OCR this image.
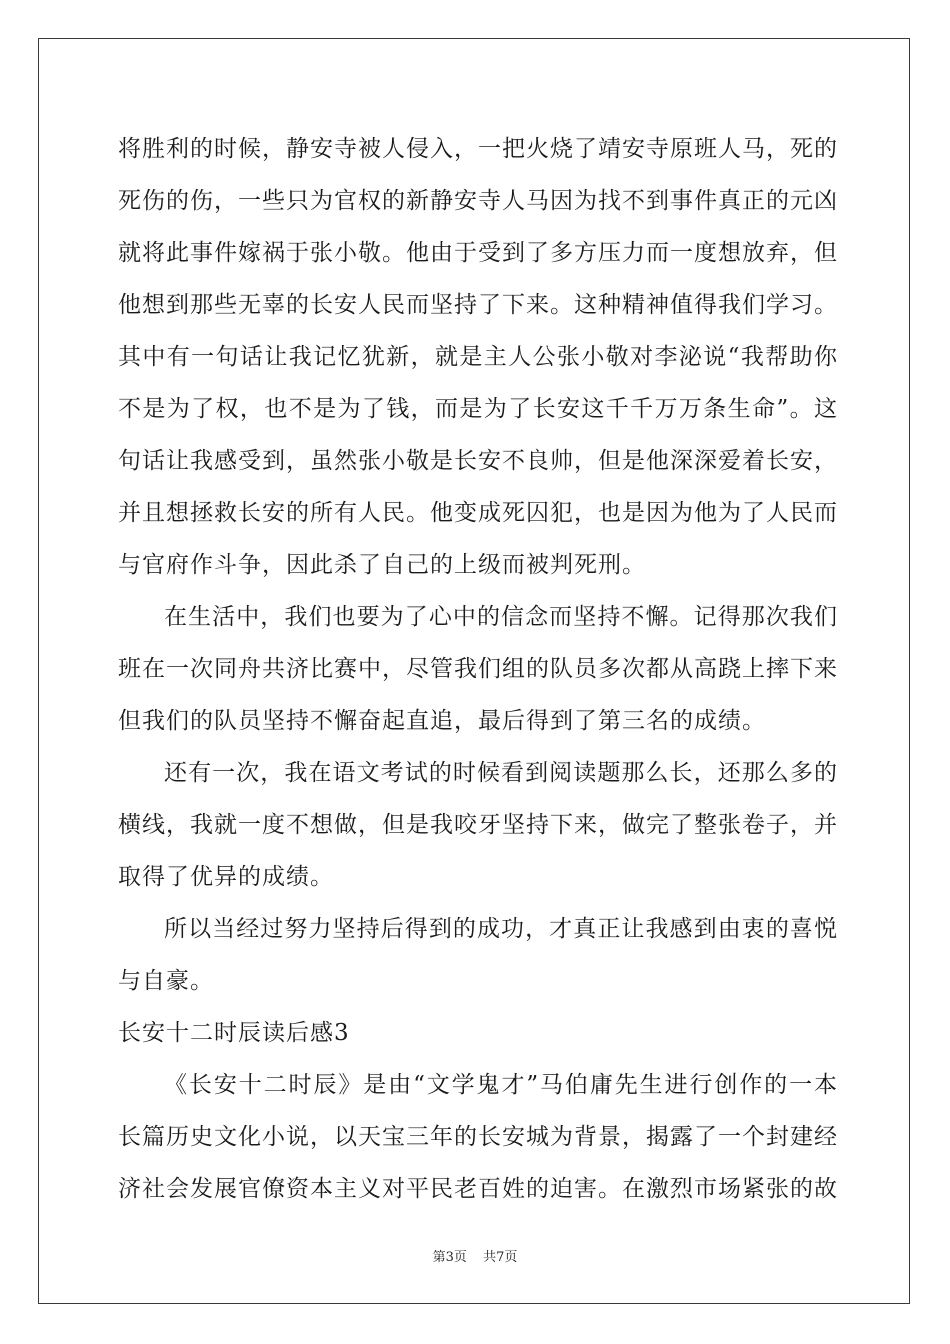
将胜利的时候，静安寺被人侵入，一把火烧了靖安寺原班人马，死的
死伤的伤，一些只为官权的新静安寺人马因为找不到事件真正的元凶
就将此事件嫁祸于张小敬。他由于受到了多方压力而一度想放弃，但
他想到那些无辜的长安人民而坚持了下来。这种精神值得我们学习。
其中有一句话让我记忆犹新，就是主人公张小敬对李泌说“我帮助你
不是为了权，也不是为了钱，而是为了长安这千千万万条生命”。这
句话让我感受到，虽然张小敬是长安不良帅，但是他深深爱着长安，
并且想拯救长安的所有人民。他变成死囚犯，也是因为他为了人民而
与官府作斗争，因此杀了自己的上级而被判死刑。
在生活中，我们也要为了心中的信念而坚持不懈。记得那次我们
班在一次同舟共济比赛中，尽管我们组的队员多次都从高跷上摔下来
但我们的队员坚持不懈奋起直追，最后得到了第三名的成绩。
还有一次，我在语文考试的时候看到阅读题那么长，还那么多的
横线，我就一度不想做，但是我咬牙坚持下来，做完了整张卷子，并
取得了优异的成绩。
所以当经过努力坚持后得到的成功，才真正让我感到由衷的喜悦
与自豪。
长安十二时辰读后感3
《长安十二时辰》是由“文学鬼才”马伯庸先生进行创作的一本
长篇历史文化小说，以天宝三年的长安城为背景，揭露了一个封建经
济社会发展官僚资本主义对平民老百姓的迫害。在激烈市场紧张的故
第3页 共7页
